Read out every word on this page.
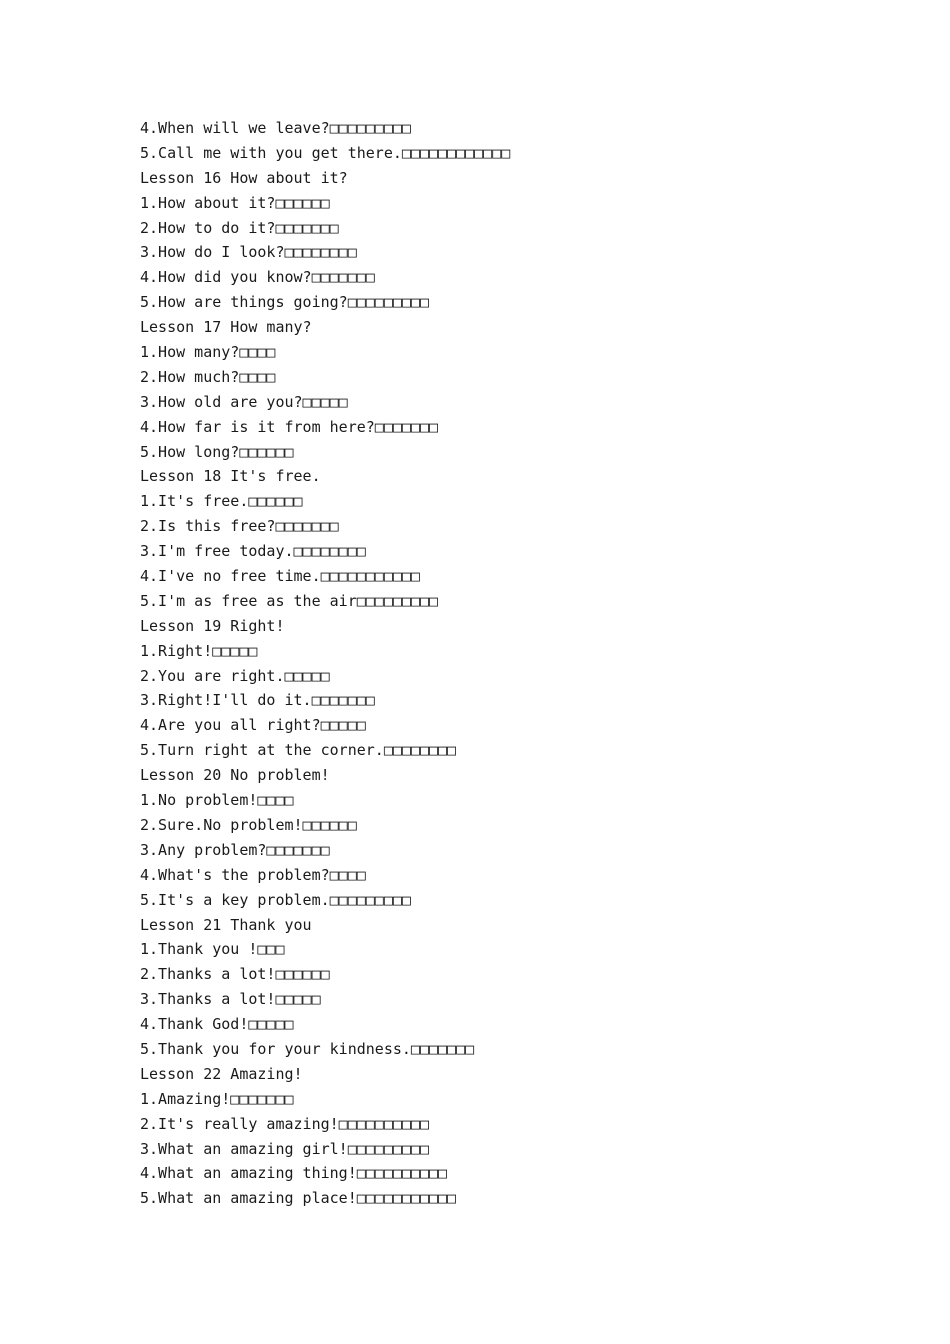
4.When will we leave?□□□□□□□□□
5.Call me with you get there.□□□□□□□□□□□□
Lesson 16 How about it?
1.How about it?□□□□□□
2.How to do it?□□□□□□□
3.How do I look?□□□□□□□□
4.How did you know?□□□□□□□
5.How are things going?□□□□□□□□□
Lesson 17 How many?
1.How many?□□□□
2.How much?□□□□
3.How old are you?□□□□□
4.How far is it from here?□□□□□□□
5.How long?□□□□□□
Lesson 18 It's free.
1.It's free.□□□□□□
2.Is this free?□□□□□□□
3.I'm free today.□□□□□□□□
4.I've no free time.□□□□□□□□□□□
5.I'm as free as the air□□□□□□□□□
Lesson 19 Right!
1.Right!□□□□□
2.You are right.□□□□□
3.Right!I'll do it.□□□□□□□
4.Are you all right?□□□□□
5.Turn right at the corner.□□□□□□□□
Lesson 20 No problem!
1.No problem!□□□□
2.Sure.No problem!□□□□□□
3.Any problem?□□□□□□□
4.What's the problem?□□□□
5.It's a key problem.□□□□□□□□□
Lesson 21 Thank you
1.Thank you !□□□
2.Thanks a lot!□□□□□□
3.Thanks a lot!□□□□□
4.Thank God!□□□□□
5.Thank you for your kindness.□□□□□□□
Lesson 22 Amazing!
1.Amazing!□□□□□□□
2.It's really amazing!□□□□□□□□□□
3.What an amazing girl!□□□□□□□□□
4.What an amazing thing!□□□□□□□□□□
5.What an amazing place!□□□□□□□□□□□
